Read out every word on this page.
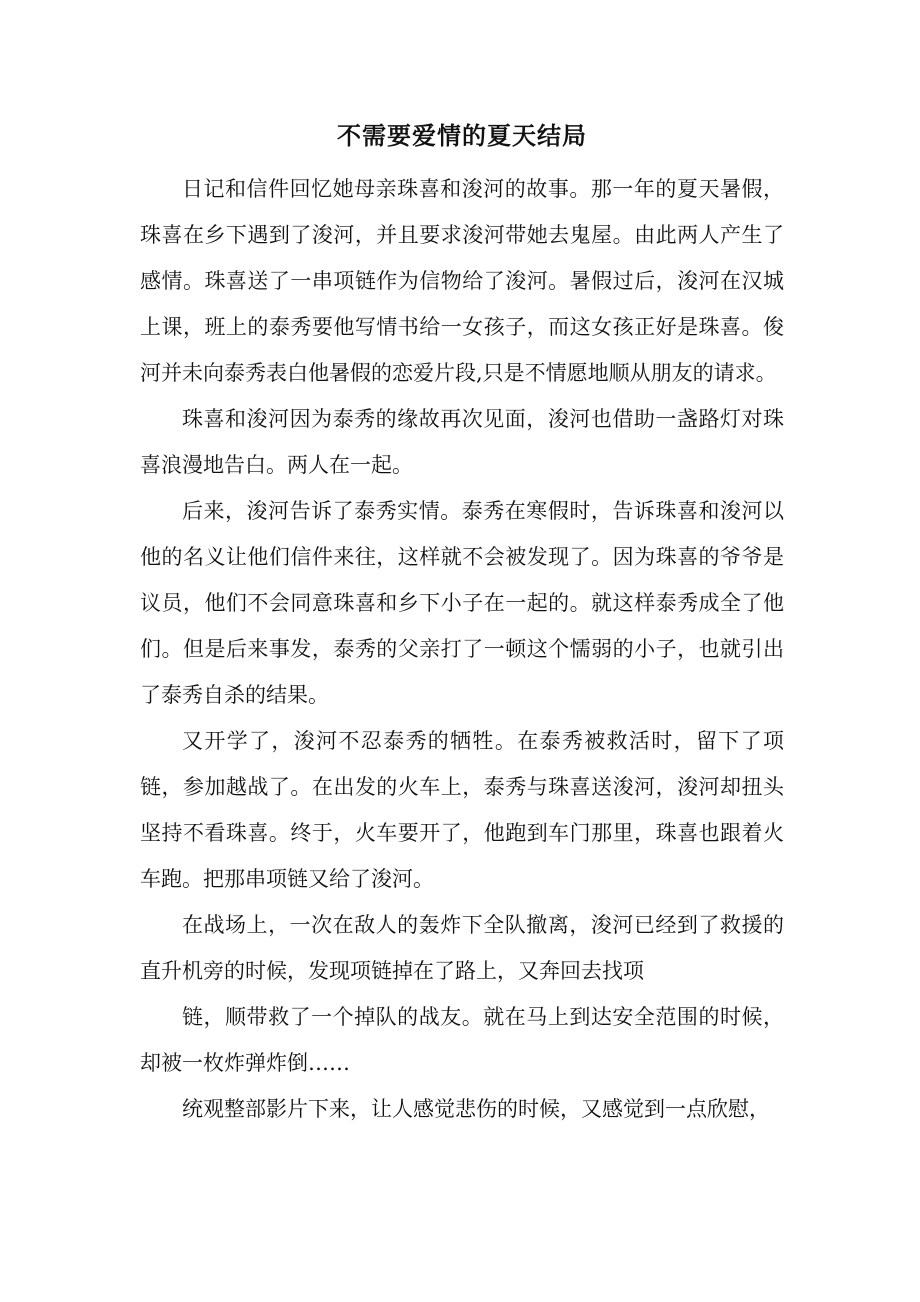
不需要爱情的夏天结局

日记和信件回忆她母亲珠喜和浚河的故事。那一年的夏天暑假，珠喜在乡下遇到了浚河，并且要求浚河带她去鬼屋。由此两人产生了感情。珠喜送了一串项链作为信物给了浚河。暑假过后，浚河在汉城上课，班上的泰秀要他写情书给一女孩子，而这女孩正好是珠喜。俊河并未向泰秀表白他暑假的恋爱片段,只是不情愿地顺从朋友的请求。

珠喜和浚河因为泰秀的缘故再次见面，浚河也借助一盏路灯对珠喜浪漫地告白。两人在一起。

后来，浚河告诉了泰秀实情。泰秀在寒假时，告诉珠喜和浚河以他的名义让他们信件来往，这样就不会被发现了。因为珠喜的爷爷是议员，他们不会同意珠喜和乡下小子在一起的。就这样泰秀成全了他们。但是后来事发，泰秀的父亲打了一顿这个懦弱的小子，也就引出了泰秀自杀的结果。

又开学了，浚河不忍泰秀的牺牲。在泰秀被救活时，留下了项链，参加越战了。在出发的火车上，泰秀与珠喜送浚河，浚河却扭头坚持不看珠喜。终于，火车要开了，他跑到车门那里，珠喜也跟着火车跑。把那串项链又给了浚河。

在战场上，一次在敌人的轰炸下全队撤离，浚河已经到了救援的直升机旁的时候，发现项链掉在了路上，又奔回去找项

链，顺带救了一个掉队的战友。就在马上到达安全范围的时候，却被一枚炸弹炸倒……

统观整部影片下来，让人感觉悲伤的时候，又感觉到一点欣慰，
